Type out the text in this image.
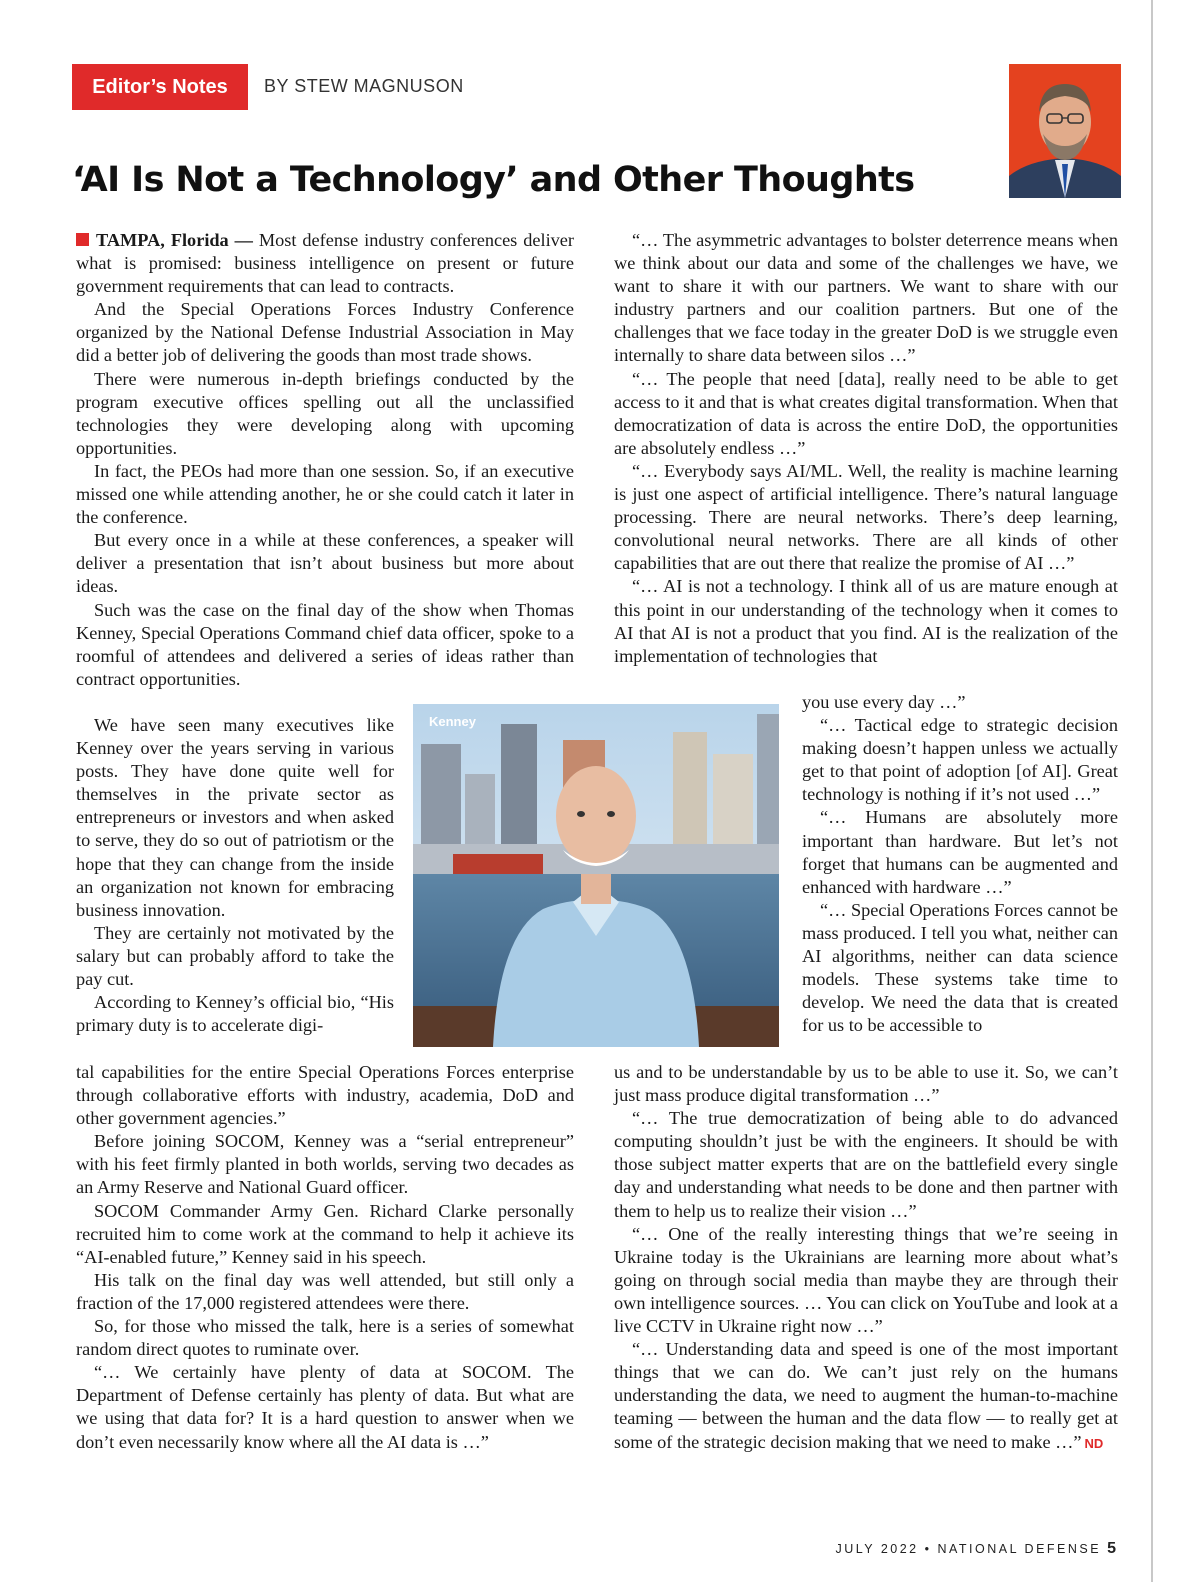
Editor’s Notes	BY STEW MAGNUSON
‘AI Is Not a Technology’ and Other Thoughts

TAMPA, Florida — Most defense industry conferences deliver what is promised: business intelligence on present or future government requirements that can lead to contracts.

And the Special Operations Forces Industry Conference organized by the National Defense Industrial Association in May did a better job of delivering the goods than most trade shows.

There were numerous in-depth briefings conducted by the program executive offices spelling out all the unclassified technologies they were developing along with upcoming opportunities.

In fact, the PEOs had more than one session. So, if an executive missed one while attending another, he or she could catch it later in the conference.

But every once in a while at these conferences, a speaker will deliver a presentation that isn’t about business but more about ideas.

Such was the case on the final day of the show when Thomas Kenney, Special Operations Command chief data officer, spoke to a roomful of attendees and delivered a series of ideas rather than contract opportunities.

We have seen many executives like Kenney over the years serving in various posts. They have done quite well for themselves in the private sector as entrepreneurs or investors and when asked to serve, they do so out of patriotism or the hope that they can change from the inside an organization not known for embracing business innovation.

They are certainly not motivated by the salary but can probably afford to take the pay cut.

According to Kenney’s official bio, “His primary duty is to accelerate digi-

tal capabilities for the entire Special Operations Forces enterprise through collaborative efforts with industry, academia, DoD and other government agencies.”

Before joining SOCOM, Kenney was a “serial entrepreneur” with his feet firmly planted in both worlds, serving two decades as an Army Reserve and National Guard officer.

SOCOM Commander Army Gen. Richard Clarke personally recruited him to come work at the command to help it achieve its “AI-enabled future,” Kenney said in his speech.

His talk on the final day was well attended, but still only a fraction of the 17,000 registered attendees were there.

So, for those who missed the talk, here is a series of somewhat random direct quotes to ruminate over.

“… We certainly have plenty of data at SOCOM. The Department of Defense certainly has plenty of data. But what are we using that data for? It is a hard question to answer when we don’t even necessarily know where all the AI data is …”

“… The asymmetric advantages to bolster deterrence means when we think about our data and some of the challenges we have, we want to share it with our partners. We want to share with our industry partners and our coalition partners. But one of the challenges that we face today in the greater DoD is we struggle even internally to share data between silos …”

“… The people that need [data], really need to be able to get access to it and that is what creates digital transformation. When that democratization of data is across the entire DoD, the opportunities are absolutely endless …”

“… Everybody says AI/ML. Well, the reality is machine learning is just one aspect of artificial intelligence. There’s natural language processing. There are neural networks. There’s deep learning, convolutional neural networks. There are all kinds of other capabilities that are out there that realize the promise of AI …”

“… AI is not a technology. I think all of us are mature enough at this point in our understanding of the technology when it comes to AI that AI is not a product that you find. AI is the realization of the implementation of technologies that

you use every day …”

“… Tactical edge to strategic decision making doesn’t happen unless we actually get to that point of adoption [of AI]. Great technology is nothing if it’s not used …”

“… Humans are absolutely more important than hardware. But let’s not forget that humans can be augmented and enhanced with hardware …”

“… Special Operations Forces cannot be mass produced. I tell you what, neither can AI algorithms, neither can data science models. These systems take time to develop. We need the data that is created for us to be accessible to

us and to be understandable by us to be able to use it. So, we can’t just mass produce digital transformation …”

“… The true democratization of being able to do advanced computing shouldn’t just be with the engineers. It should be with those subject matter experts that are on the battlefield every single day and understanding what needs to be done and then partner with them to help us to realize their vision …”

“… One of the really interesting things that we’re seeing in Ukraine today is the Ukrainians are learning more about what’s going on through social media than maybe they are through their own intelligence sources. … You can click on YouTube and look at a live CCTV in Ukraine right now …”

“… Understanding data and speed is one of the most important things that we can do. We can’t just rely on the humans understanding the data, we need to augment the human-to-machine teaming — between the human and the data flow — to really get at some of the strategic decision making that we need to make …” ND

Kenney
JULY 2022 • NATIONAL DEFENSE 5
